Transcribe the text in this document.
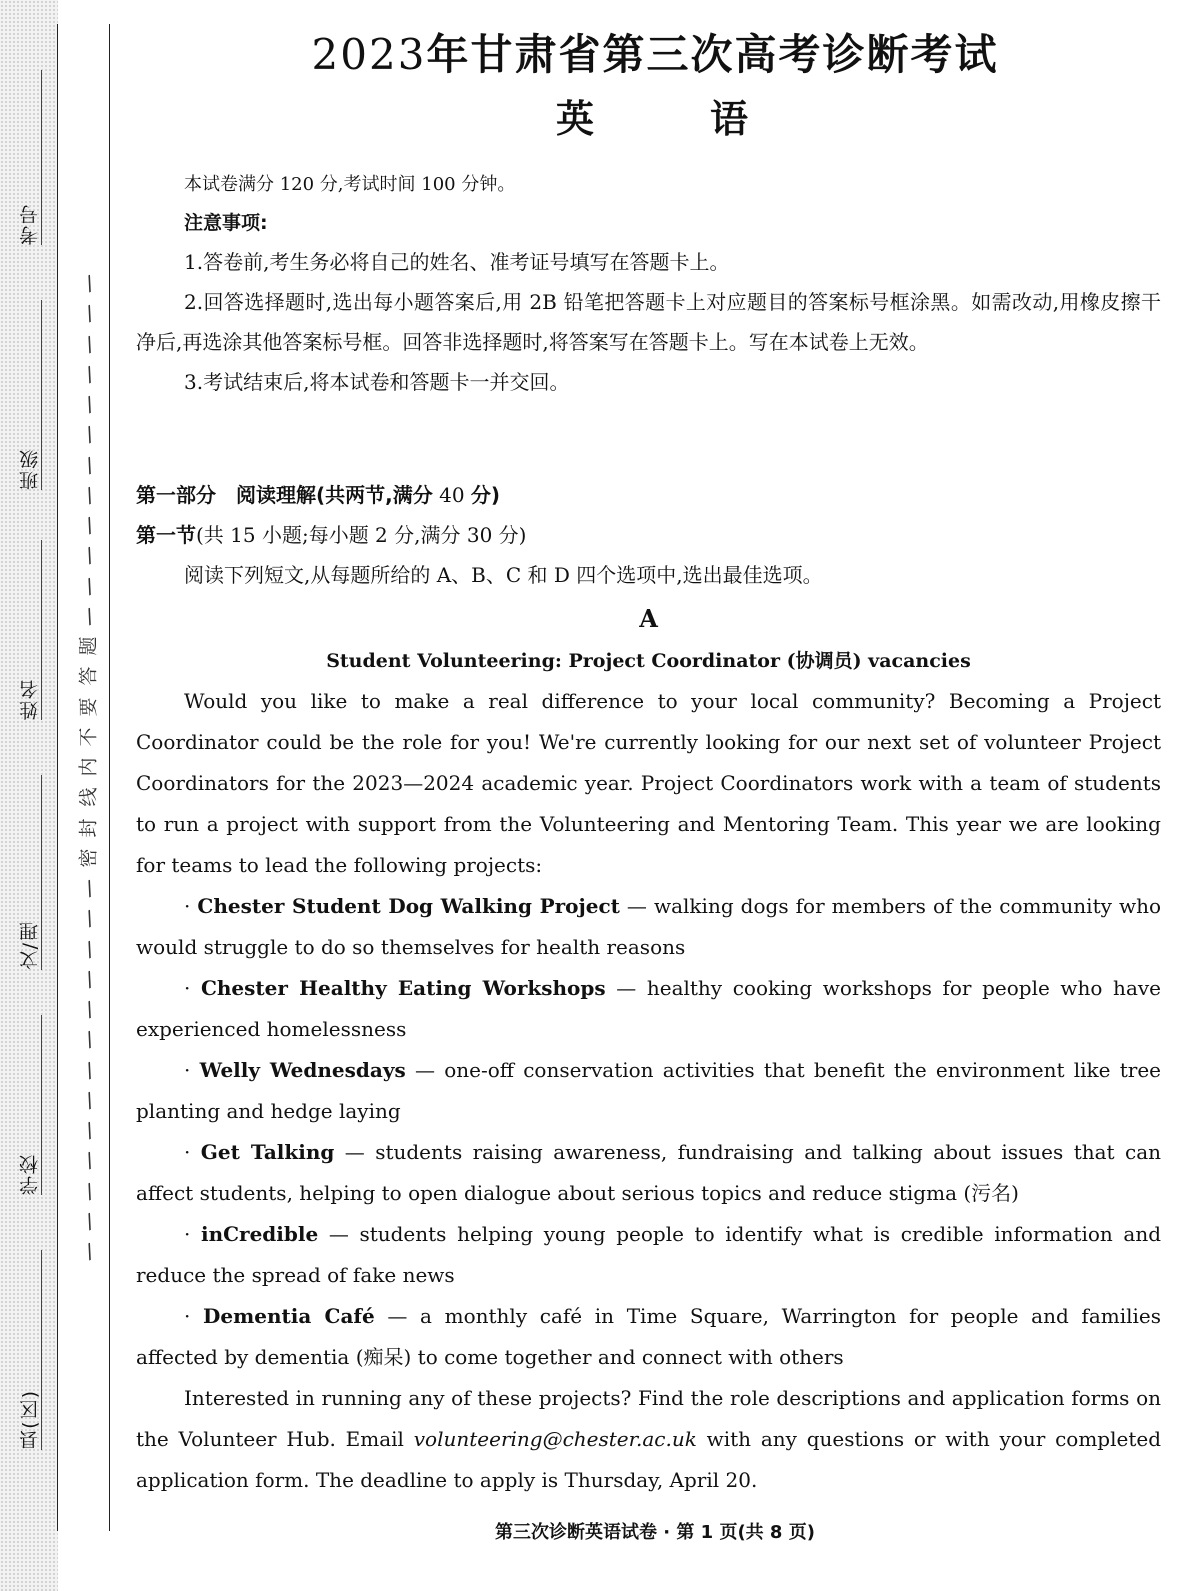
考号
班级
姓名
文/理
学校
县(区)
/
/
/
/
/
/
/
/
/
/
/
/
题
答
要
不
内
线
封
密
/
/
/
/
/
/
/
/
/
/
/
/
/
2023年甘肃省第三次高考诊断考试
英	语

本试卷满分 120 分,考试时间 100 分钟。

注意事项:

1.答卷前,考生务必将自己的姓名、准考证号填写在答题卡上。

2.回答选择题时,选出每小题答案后,用 2B 铅笔把答题卡上对应题目的答案标号框涂黑。如需改动,用橡皮擦干净后,再选涂其他答案标号框。回答非选择题时,将答案写在答题卡上。写在本试卷上无效。

3.考试结束后,将本试卷和答题卡一并交回。

第一部分　阅读理解(共两节,满分 40 分)

第一节(共 15 小题;每小题 2 分,满分 30 分)

阅读下列短文,从每题所给的 A、B、C 和 D 四个选项中,选出最佳选项。

A

Student Volunteering: Project Coordinator (协调员) vacancies

Would you like to make a real difference to your local community? Becoming a Project Coordinator could be the role for you! We're currently looking for our next set of volunteer Project Coordinators for the 2023—2024 academic year. Project Coordinators work with a team of students to run a project with support from the Volunteering and Mentoring Team. This year we are looking for teams to lead the following projects:

· Chester Student Dog Walking Project — walking dogs for members of the community who would struggle to do so themselves for health reasons

· Chester Healthy Eating Workshops — healthy cooking workshops for people who have experienced homelessness

· Welly Wednesdays — one-off conservation activities that benefit the environment like tree planting and hedge laying

· Get Talking — students raising awareness, fundraising and talking about issues that can affect students, helping to open dialogue about serious topics and reduce stigma (污名)

· inCredible — students helping young people to identify what is credible information and reduce the spread of fake news

· Dementia Café — a monthly café in Time Square, Warrington for people and families affected by dementia (痴呆) to come together and connect with others

Interested in running any of these projects? Find the role descriptions and application forms on the Volunteer Hub. Email volunteering@chester.ac.uk with any questions or with your completed application form. The deadline to apply is Thursday, April 20.

第三次诊断英语试卷 · 第 1 页(共 8 页)
